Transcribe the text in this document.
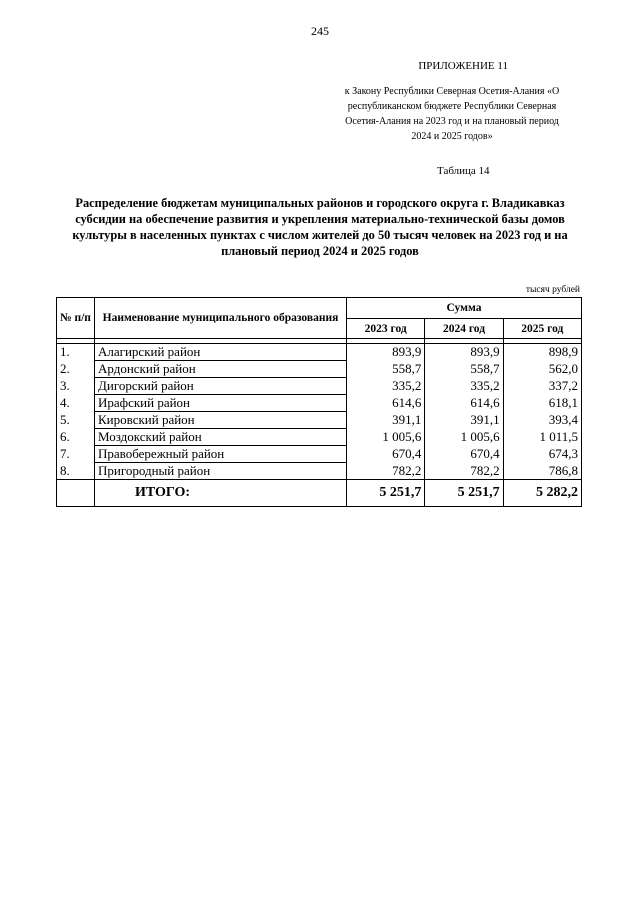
245
ПРИЛОЖЕНИЕ 11
к Закону Республики Северная Осетия-Алания «О
республиканском бюджете Республики Северная
Осетия-Алания на 2023 год и на плановый период
2024 и 2025 годов»
Таблица 14
Распределение бюджетам муниципальных районов и городского округа г. Владикавказ субсидии на обеспечение развития и укрепления материально-технической базы домов культуры в населенных пунктах с числом жителей до 50 тысяч человек на 2023 год и на плановый период 2024 и 2025 годов
тысяч рублей
№ п/п	Наименование муниципального образования	Сумма		
		2023 год	2024 год	2025 год

1.	Алагирский район	893,9	893,9	898,9
2.	Ардонский район	558,7	558,7	562,0
3.	Дигорский район	335,2	335,2	337,2
4.	Ирафский район	614,6	614,6	618,1
5.	Кировский район	391,1	391,1	393,4
6.	Моздокский район	1 005,6	1 005,6	1 011,5
7.	Правобережный район	670,4	670,4	674,3
8.	Пригородный район	782,2	782,2	786,8
	ИТОГО:	5 251,7	5 251,7	5 282,2
